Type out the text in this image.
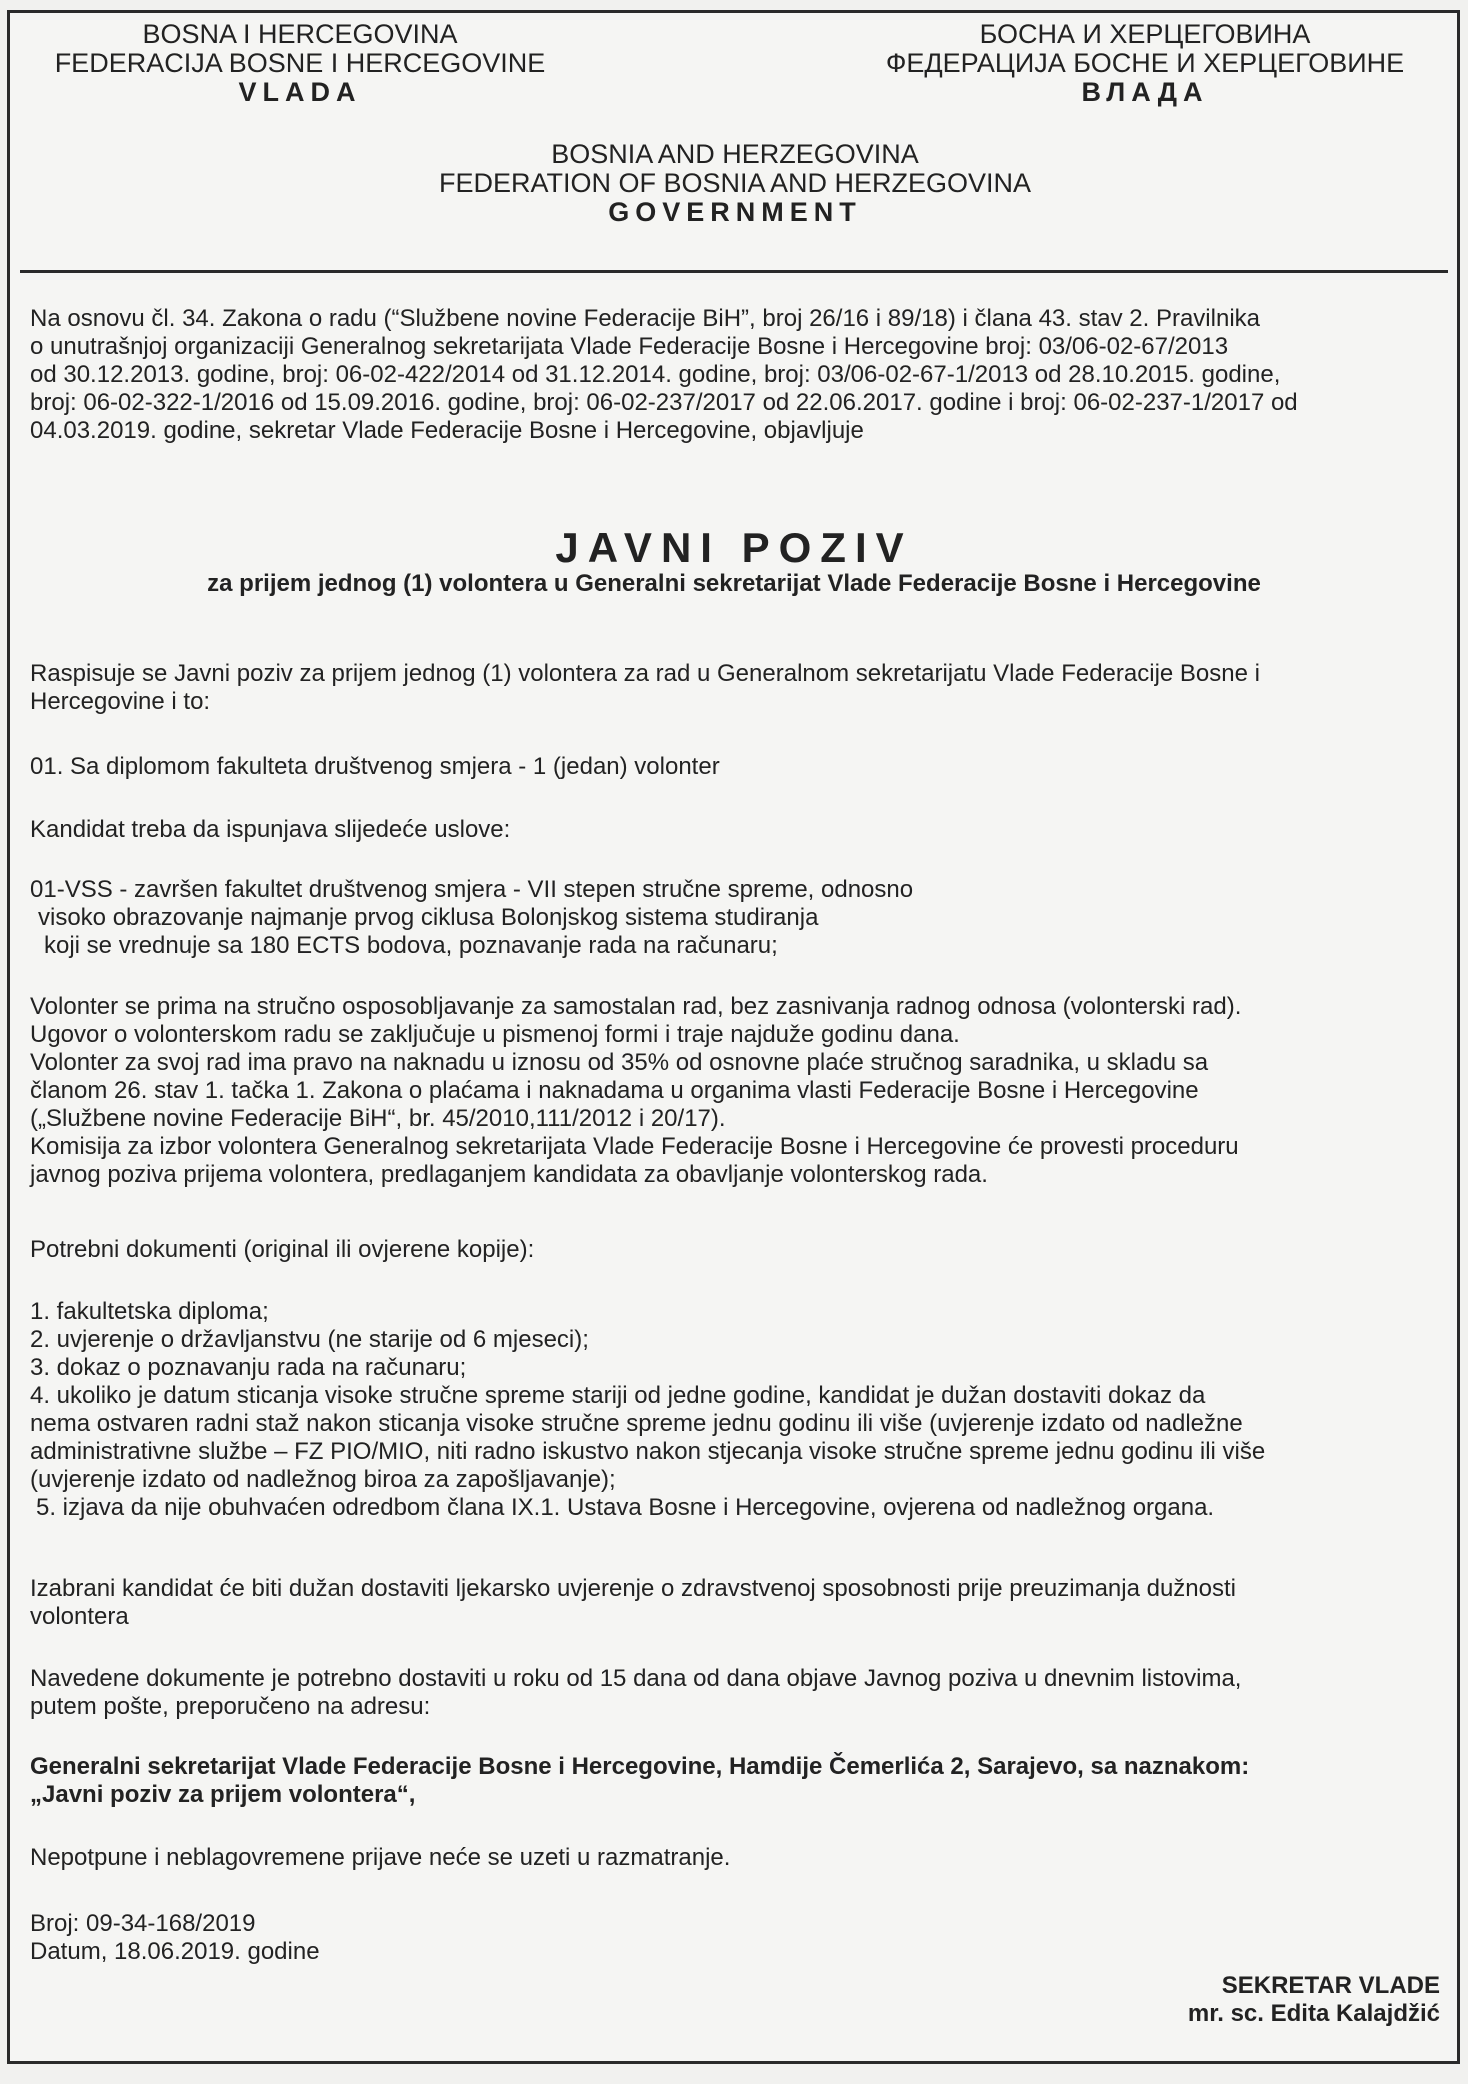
BOSNA I HERCEGOVINA
FEDERACIJA BOSNE I HERCEGOVINE
VLADA
БОСНА И ХЕРЦЕГОВИНА
ФЕДЕРАЦИЈА БОСНЕ И ХЕРЦЕГОВИНЕ
ВЛАДА
BOSNIA AND HERZEGOVINA
FEDERATION OF BOSNIA AND HERZEGOVINA
GOVERNMENT

Na osnovu čl. 34. Zakona o radu (“Službene novine Federacije BiH”, broj 26/16 i 89/18) i člana 43. stav 2. Pravilnika

o unutrašnjoj organizaciji Generalnog sekretarijata Vlade Federacije Bosne i Hercegovine broj: 03/06-02-67/2013

od 30.12.2013. godine, broj: 06-02-422/2014 od 31.12.2014. godine, broj: 03/06-02-67-1/2013 od 28.10.2015. godine,

broj: 06-02-322-1/2016 od 15.09.2016. godine, broj: 06-02-237/2017 od 22.06.2017. godine i broj: 06-02-237-1/2017 od

04.03.2019. godine, sekretar Vlade Federacije Bosne i Hercegovine, objavljuje

JAVNI POZIV
za prijem jednog (1) volontera u Generalni sekretarijat Vlade Federacije Bosne i Hercegovine

Raspisuje se Javni poziv za prijem jednog (1) volontera za rad u Generalnom sekretarijatu Vlade Federacije Bosne i

Hercegovine i to:

01. Sa diplomom fakulteta društvenog smjera - 1 (jedan) volonter

Kandidat treba da ispunjava slijedeće uslove:

01-VSS - završen fakultet društvenog smjera - VII stepen stručne spreme, odnosno

visoko obrazovanje najmanje prvog ciklusa Bolonjskog sistema studiranja

koji se vrednuje sa 180 ECTS bodova, poznavanje rada na računaru;

Volonter se prima na stručno osposobljavanje za samostalan rad, bez zasnivanja radnog odnosa (volonterski rad).

Ugovor o volonterskom radu se zaključuje u pismenoj formi i traje najduže godinu dana.

Volonter za svoj rad ima pravo na naknadu u iznosu od 35% od osnovne plaće stručnog saradnika, u skladu sa

članom 26. stav 1. tačka 1. Zakona o plaćama i naknadama u organima vlasti Federacije Bosne i Hercegovine

(„Službene novine Federacije BiH“, br. 45/2010,111/2012 i 20/17).

Komisija za izbor volontera Generalnog sekretarijata Vlade Federacije Bosne i Hercegovine će provesti proceduru

javnog poziva prijema volontera, predlaganjem kandidata za obavljanje volonterskog rada.

Potrebni dokumenti (original ili ovjerene kopije):

1. fakultetska diploma;

2. uvjerenje o državljanstvu (ne starije od 6 mjeseci);

3. dokaz o poznavanju rada na računaru;

4. ukoliko je datum sticanja visoke stručne spreme stariji od jedne godine, kandidat je dužan dostaviti dokaz da

nema ostvaren radni staž nakon sticanja visoke stručne spreme jednu godinu ili više (uvjerenje izdato od nadležne

administrativne službe – FZ PIO/MIO, niti radno iskustvo nakon stjecanja visoke stručne spreme jednu godinu ili više

(uvjerenje izdato od nadležnog biroa za zapošljavanje);

5. izjava da nije obuhvaćen odredbom člana IX.1. Ustava Bosne i Hercegovine, ovjerena od nadležnog organa.

Izabrani kandidat će biti dužan dostaviti ljekarsko uvjerenje o zdravstvenoj sposobnosti prije preuzimanja dužnosti

volontera

Navedene dokumente je potrebno dostaviti u roku od 15 dana od dana objave Javnog poziva u dnevnim listovima,

putem pošte, preporučeno na adresu:

Generalni sekretarijat Vlade Federacije Bosne i Hercegovine, Hamdije Čemerlića 2, Sarajevo, sa naznakom:

„Javni poziv za prijem volontera“,

Nepotpune i neblagovremene prijave neće se uzeti u razmatranje.

Broj: 09-34-168/2019

Datum, 18.06.2019. godine

SEKRETAR VLADE
mr. sc. Edita Kalajdžić
